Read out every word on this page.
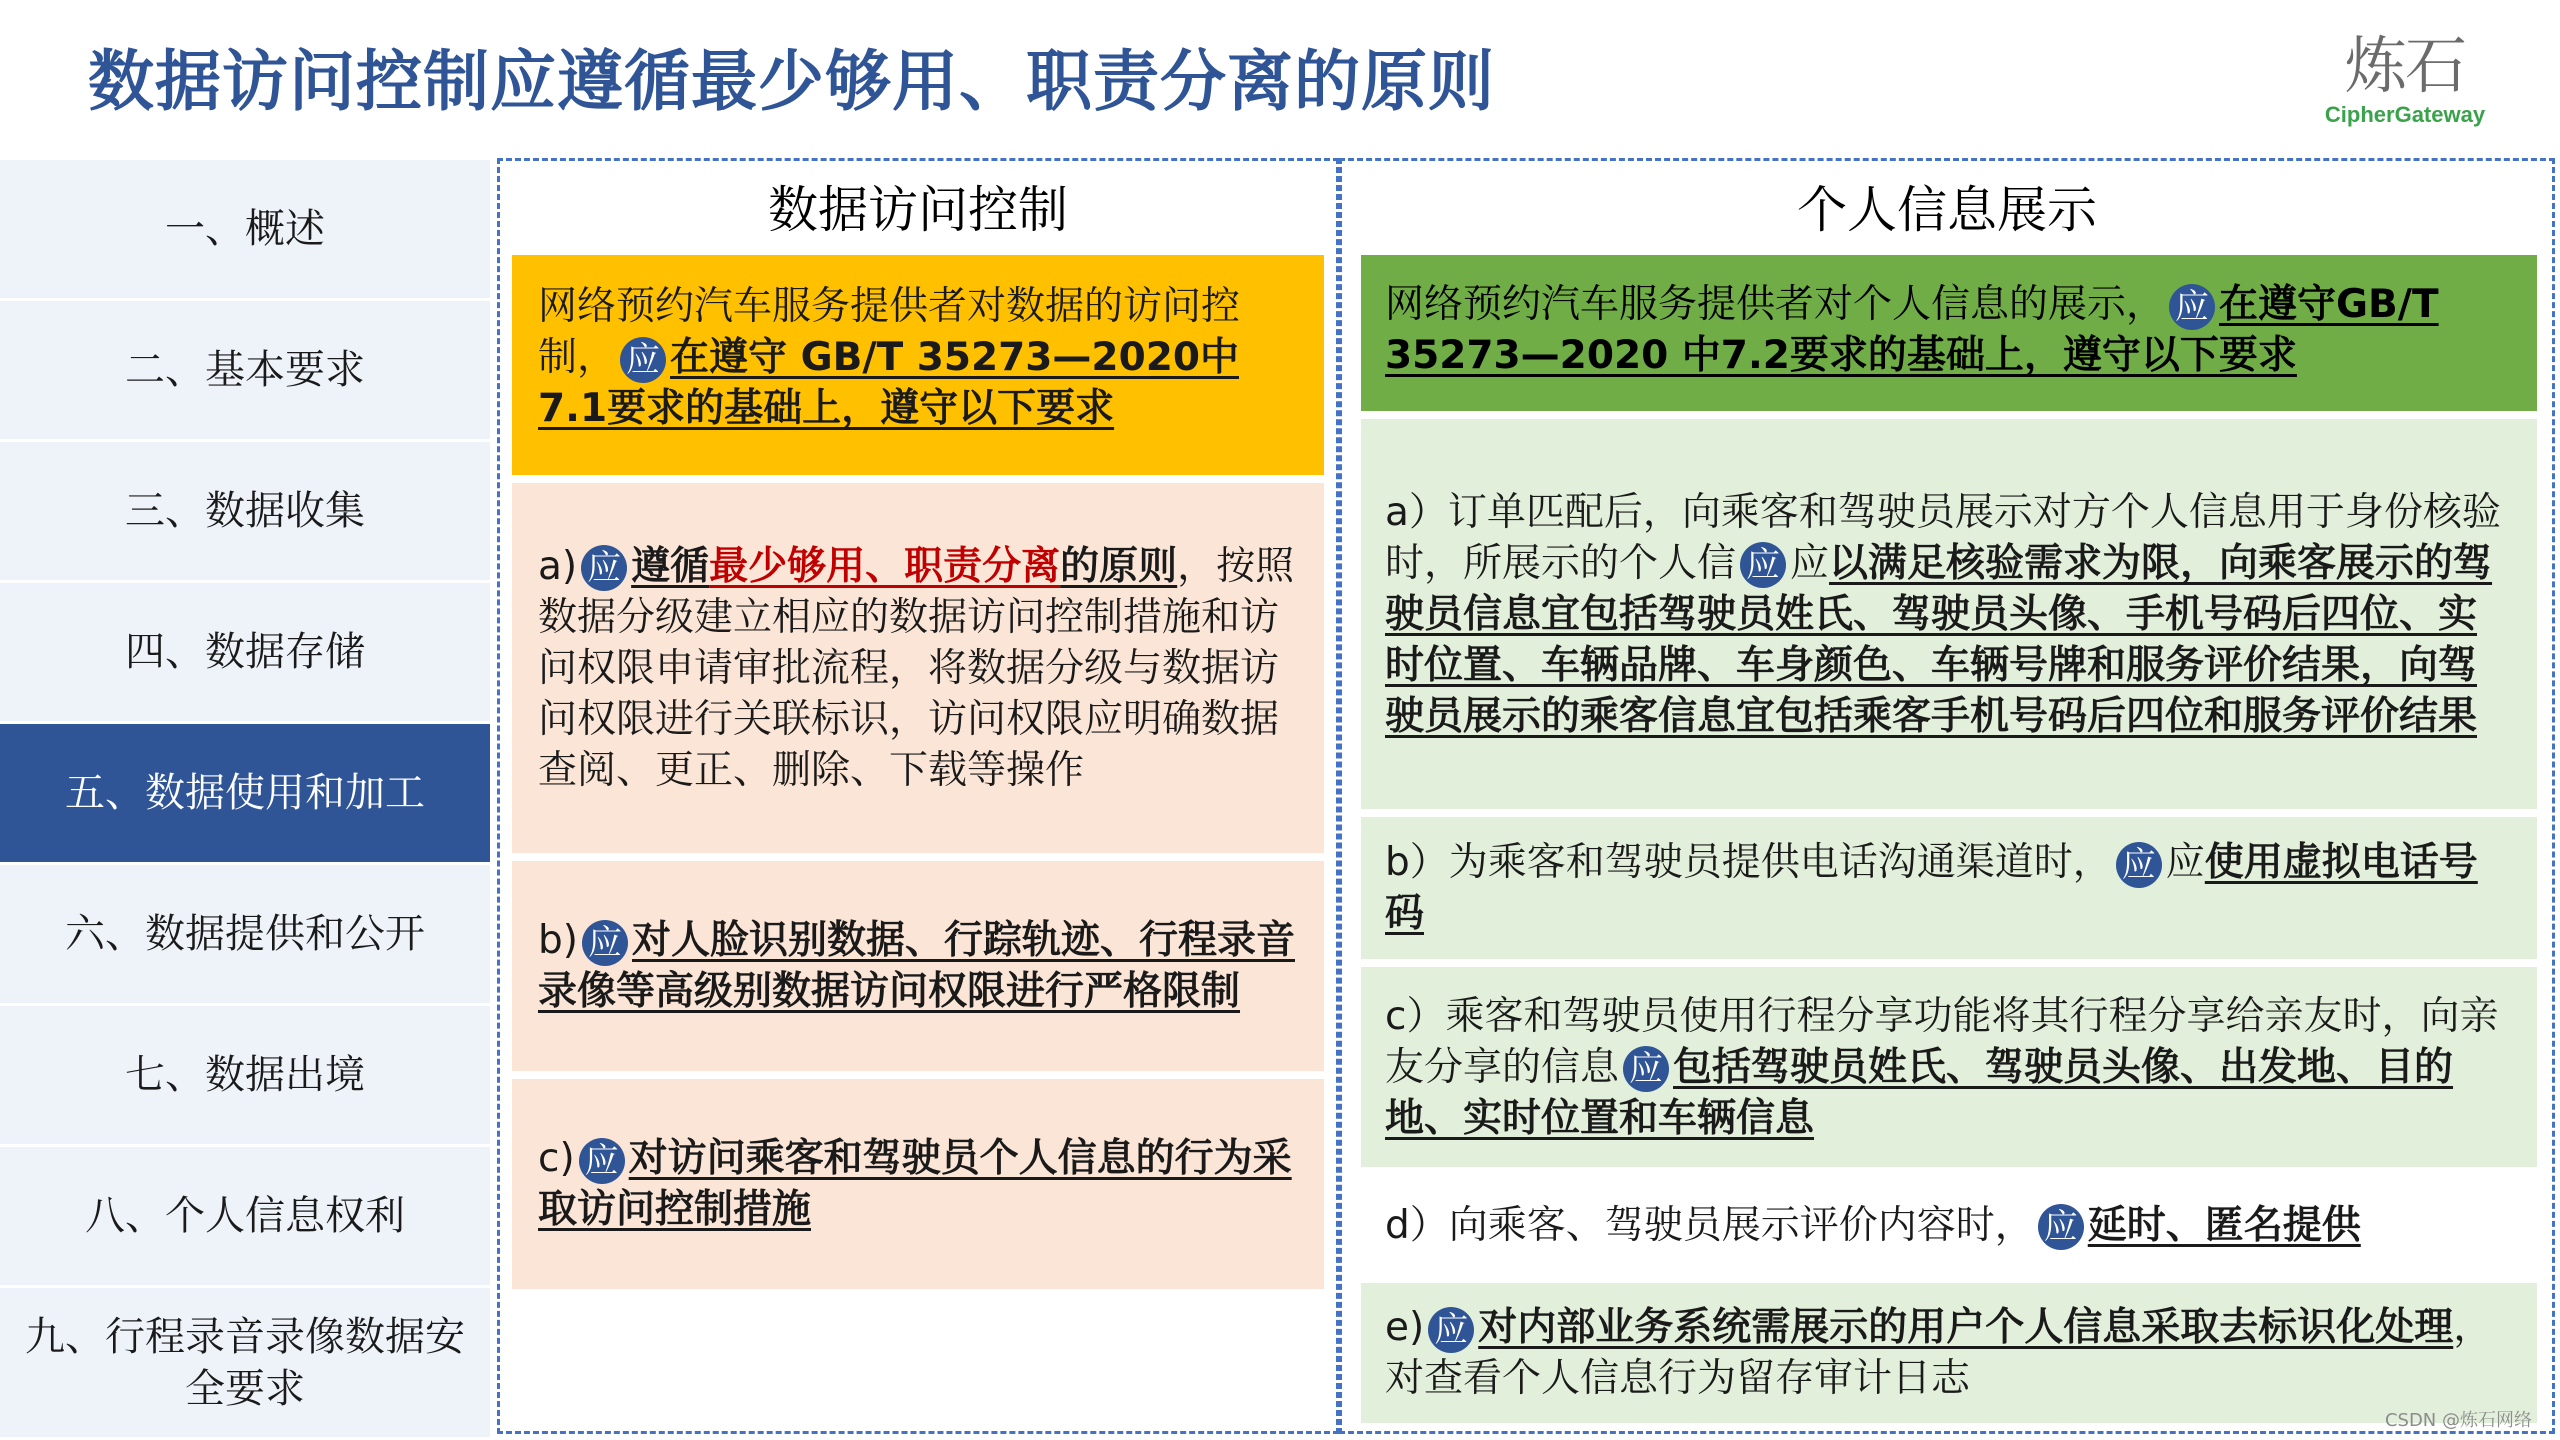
数据访问控制应遵循最少够用、职责分离的原则	炼石
CipherGateway
一、概述
二、基本要求
三、数据收集
四、数据存储
五、数据使用和加工
六、数据提供和公开
七、数据出境
八、个人信息权利
九、行程录音录像数据安全要求
数据访问控制
网络预约汽车服务提供者对数据的访问控制， 应 在遵守 GB/T 35273—2020中7.1要求的基础上，遵守以下要求
a) 应 遵循最少够用、职责分离的原则，按照数据分级建立相应的数据访问控制措施和访问权限申请审批流程，将数据分级与数据访问权限进行关联标识，访问权限应明确数据查阅、更正、删除、下载等操作
b) 应 对人脸识别数据、行踪轨迹、行程录音录像等高级别数据访问权限进行严格限制
c) 应 对访问乘客和驾驶员个人信息的行为采取访问控制措施
个人信息展示
网络预约汽车服务提供者对个人信息的展示， 应 在遵守GB/T 35273—2020 中7.2要求的基础上，遵守以下要求
a）订单匹配后，向乘客和驾驶员展示对方个人信息用于身份核验时，所展示的个人信 应 应以满足核验需求为限，向乘客展示的驾驶员信息宜包括驾驶员姓氏、驾驶员头像、手机号码后四位、实时位置、车辆品牌、车身颜色、车辆号牌和服务评价结果，向驾驶员展示的乘客信息宜包括乘客手机号码后四位和服务评价结果
b）为乘客和驾驶员提供电话沟通渠道时， 应 应使用虚拟电话号码
c）乘客和驾驶员使用行程分享功能将其行程分享给亲友时，向亲友分享的信息 应 包括驾驶员姓氏、驾驶员头像、出发地、目的地、实时位置和车辆信息
d）向乘客、驾驶员展示评价内容时， 应 延时、匿名提供
e) 应 对内部业务系统需展示的用户个人信息采取去标识化处理，对查看个人信息行为留存审计日志
CSDN @炼石网络
